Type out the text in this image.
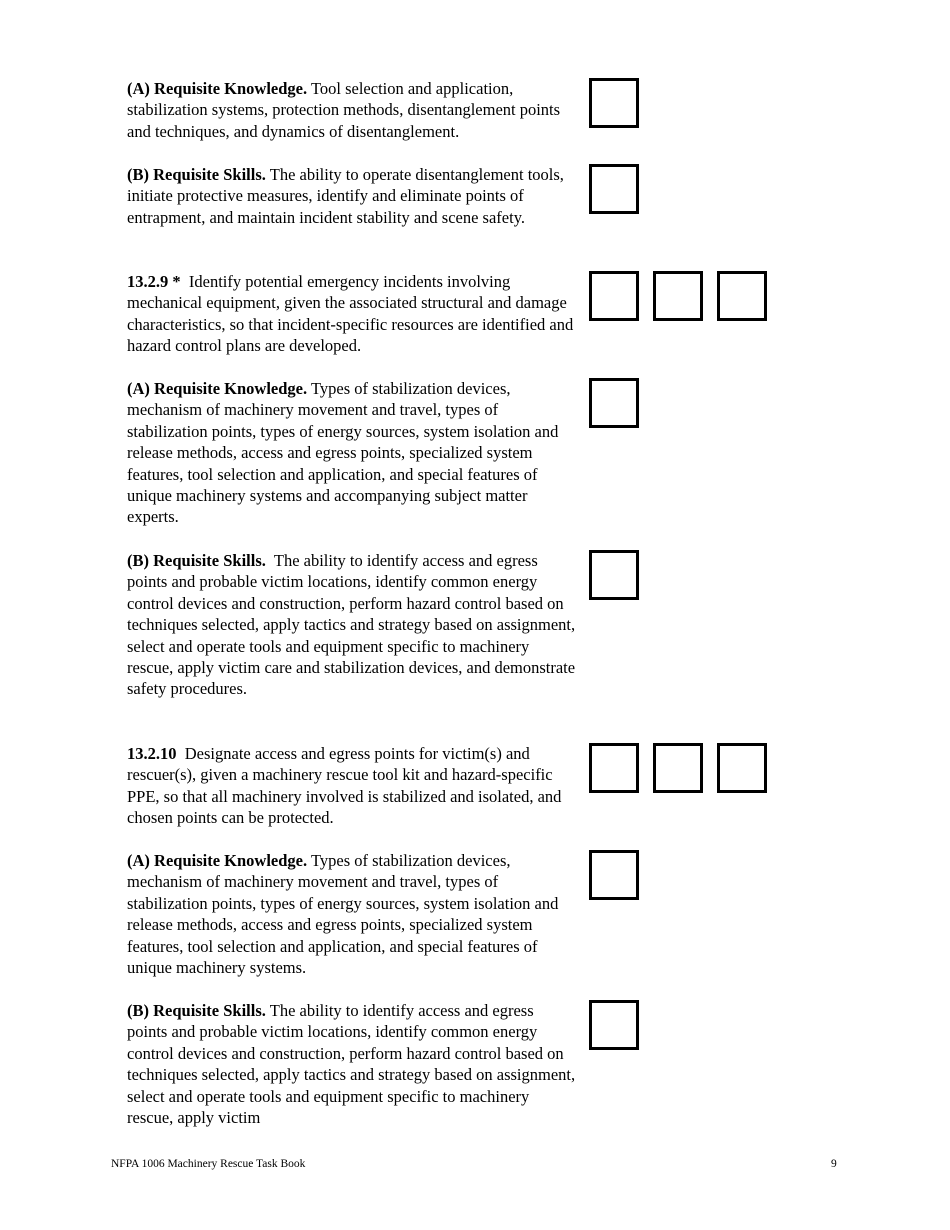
(A) Requisite Knowledge. Tool selection and application, stabilization systems, protection methods, disentanglement points and techniques, and dynamics of disentanglement.

(B) Requisite Skills. The ability to operate disentanglement tools, initiate protective measures, identify and eliminate points of entrapment, and maintain incident stability and scene safety.

13.2.9 * Identify potential emergency incidents involving mechanical equipment, given the associated structural and damage characteristics, so that incident-specific resources are identified and hazard control plans are developed.

(A) Requisite Knowledge. Types of stabilization devices, mechanism of machinery movement and travel, types of stabilization points, types of energy sources, system isolation and release methods, access and egress points, specialized system features, tool selection and application, and special features of unique machinery systems and accompanying subject matter experts.

(B) Requisite Skills. The ability to identify access and egress points and probable victim locations, identify common energy control devices and construction, perform hazard control based on techniques selected, apply tactics and strategy based on assignment, select and operate tools and equipment specific to machinery rescue, apply victim care and stabilization devices, and demonstrate safety procedures.

13.2.10 Designate access and egress points for victim(s) and rescuer(s), given a machinery rescue tool kit and hazard-specific PPE, so that all machinery involved is stabilized and isolated, and chosen points can be protected.

(A) Requisite Knowledge. Types of stabilization devices, mechanism of machinery movement and travel, types of stabilization points, types of energy sources, system isolation and release methods, access and egress points, specialized system features, tool selection and application, and special features of unique machinery systems.

(B) Requisite Skills. The ability to identify access and egress points and probable victim locations, identify common energy control devices and construction, perform hazard control based on techniques selected, apply tactics and strategy based on assignment, select and operate tools and equipment specific to machinery rescue, apply victim

NFPA 1006 Machinery Rescue Task Book	9
